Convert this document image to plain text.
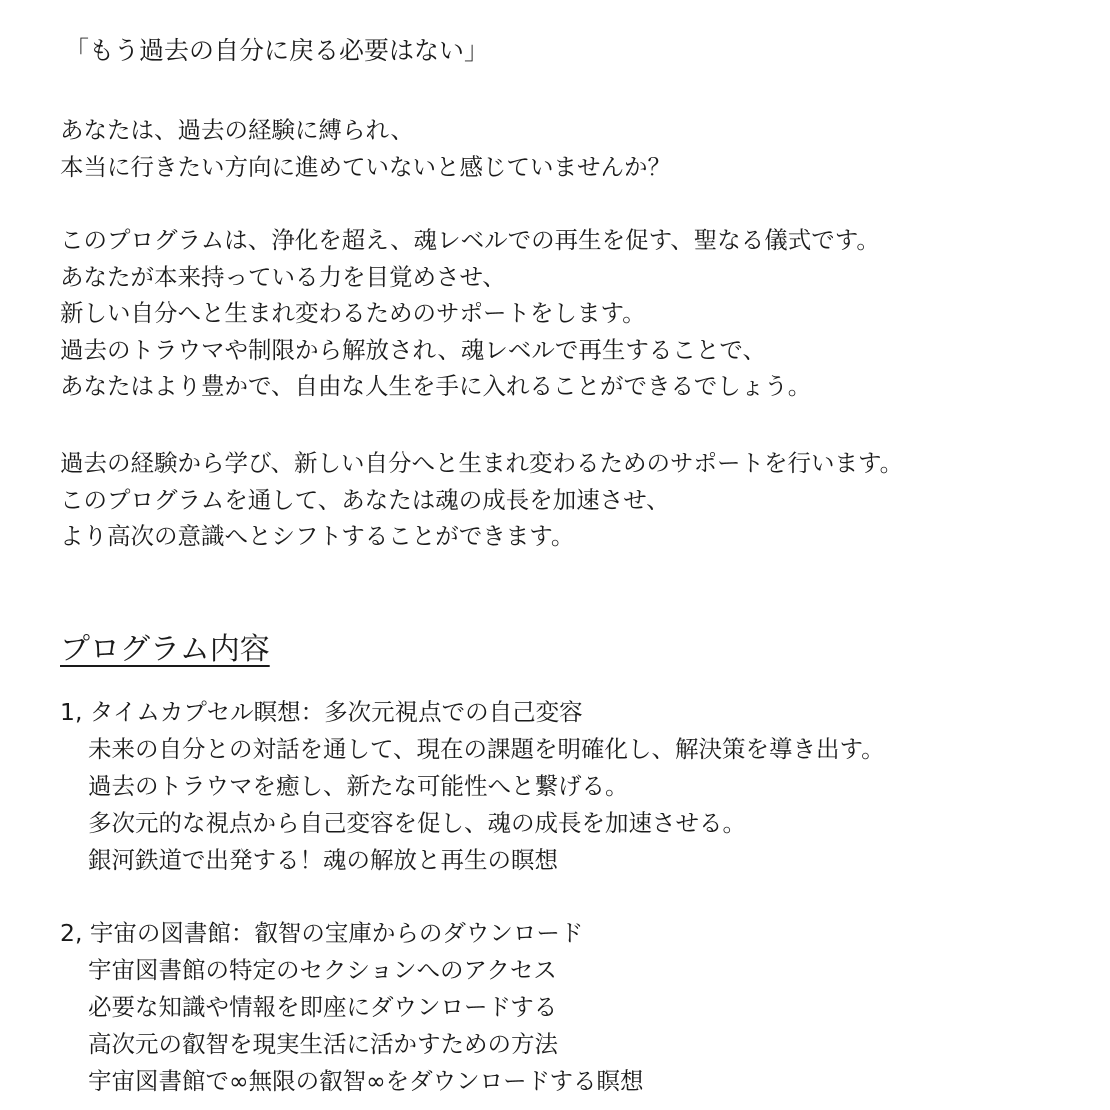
「もう過去の自分に戻る必要はない」
あなたは、過去の経験に縛られ、
本当に行きたい方向に進めていないと感じていませんか？
このプログラムは、浄化を超え、魂レベルでの再生を促す、聖なる儀式です。
あなたが本来持っている力を目覚めさせ、
新しい自分へと生まれ変わるためのサポートをします。
過去のトラウマや制限から解放され、魂レベルで再生することで、
あなたはより豊かで、自由な人生を手に入れることができるでしょう。
過去の経験から学び、新しい自分へと生まれ変わるためのサポートを行います。
このプログラムを通して、あなたは魂の成長を加速させ、
より高次の意識へとシフトすることができます。
プログラム内容
1, タイムカプセル瞑想：多次元視点での自己変容
未来の自分との対話を通して、現在の課題を明確化し、解決策を導き出す。
過去のトラウマを癒し、新たな可能性へと繋げる。
多次元的な視点から自己変容を促し、魂の成長を加速させる。
銀河鉄道で出発する！魂の解放と再生の瞑想
2, 宇宙の図書館：叡智の宝庫からのダウンロード
宇宙図書館の特定のセクションへのアクセス
必要な知識や情報を即座にダウンロードする
高次元の叡智を現実生活に活かすための方法
宇宙図書館で∞無限の叡智∞をダウンロードする瞑想
